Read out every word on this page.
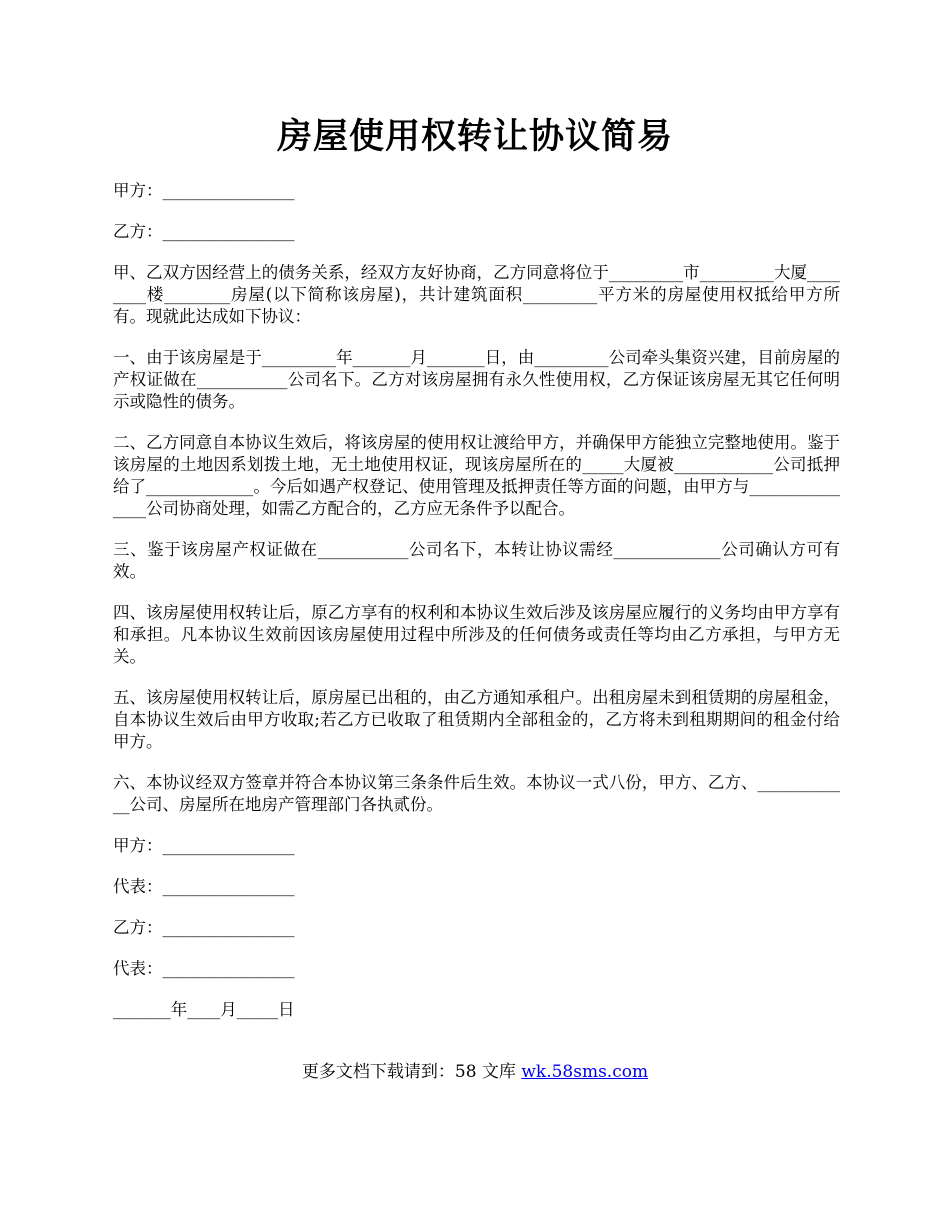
房屋使用权转让协议简易

甲方：________________

乙方：________________

甲、乙双方因经营上的债务关系，经双方友好协商，乙方同意将位于_________市_________大厦________楼________房屋(以下简称该房屋)，共计建筑面积_________平方米的房屋使用权抵给甲方所有。现就此达成如下协议：

一、由于该房屋是于_________年_______月_______日，由_________公司牵头集资兴建，目前房屋的产权证做在___________公司名下。乙方对该房屋拥有永久性使用权，乙方保证该房屋无其它任何明示或隐性的债务。

二、乙方同意自本协议生效后，将该房屋的使用权让渡给甲方，并确保甲方能独立完整地使用。鉴于该房屋的土地因系划拨土地，无土地使用权证，现该房屋所在的_____大厦被____________公司抵押给了_____________。今后如遇产权登记、使用管理及抵押责任等方面的问题，由甲方与_______________公司协商处理，如需乙方配合的，乙方应无条件予以配合。

三、鉴于该房屋产权证做在___________公司名下，本转让协议需经_____________公司确认方可有效。

四、该房屋使用权转让后，原乙方享有的权利和本协议生效后涉及该房屋应履行的义务均由甲方享有和承担。凡本协议生效前因该房屋使用过程中所涉及的任何债务或责任等均由乙方承担，与甲方无关。

五、该房屋使用权转让后，原房屋已出租的，由乙方通知承租户。出租房屋未到租赁期的房屋租金，自本协议生效后由甲方收取;若乙方已收取了租赁期内全部租金的，乙方将未到租期期间的租金付给甲方。

六、本协议经双方签章并符合本协议第三条条件后生效。本协议一式八份，甲方、乙方、____________公司、房屋所在地房产管理部门各执贰份。

甲方：________________

代表：________________

乙方：________________

代表：________________

_______年____月_____日

更多文档下载请到：58 文库 wk.58sms.com
